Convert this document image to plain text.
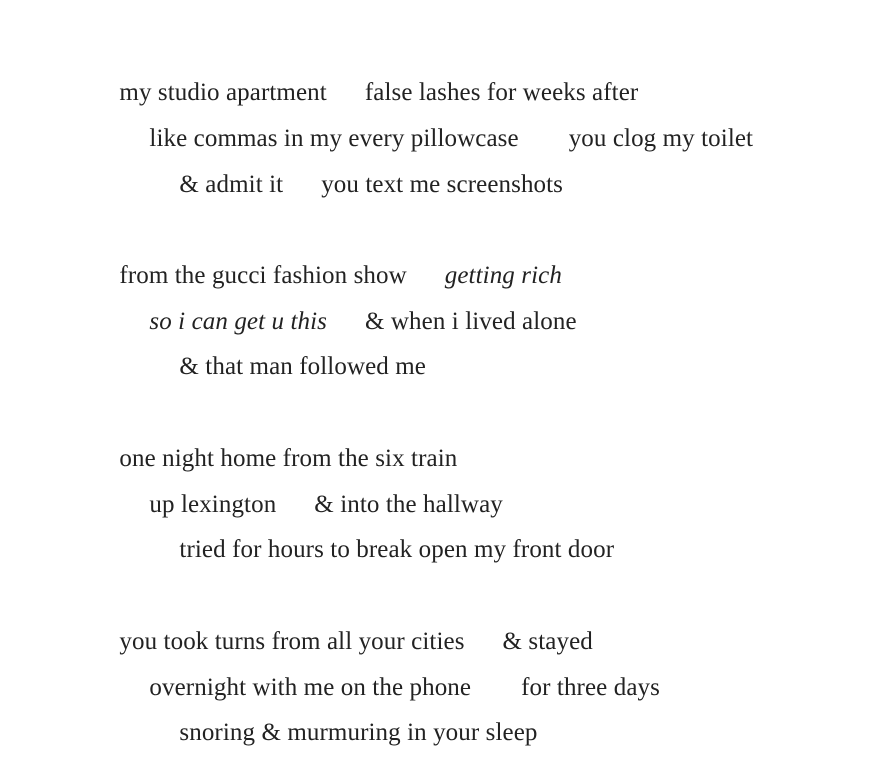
my studio apartment false lashes for weeks after

like commas in my every pillowcase you clog my toilet

& admit it you text me screenshots

from the gucci fashion show getting rich

so i can get u this & when i lived alone

& that man followed me

one night home from the six train

up lexington & into the hallway

tried for hours to break open my front door

you took turns from all your cities & stayed

overnight with me on the phone for three days

snoring & murmuring in your sleep
